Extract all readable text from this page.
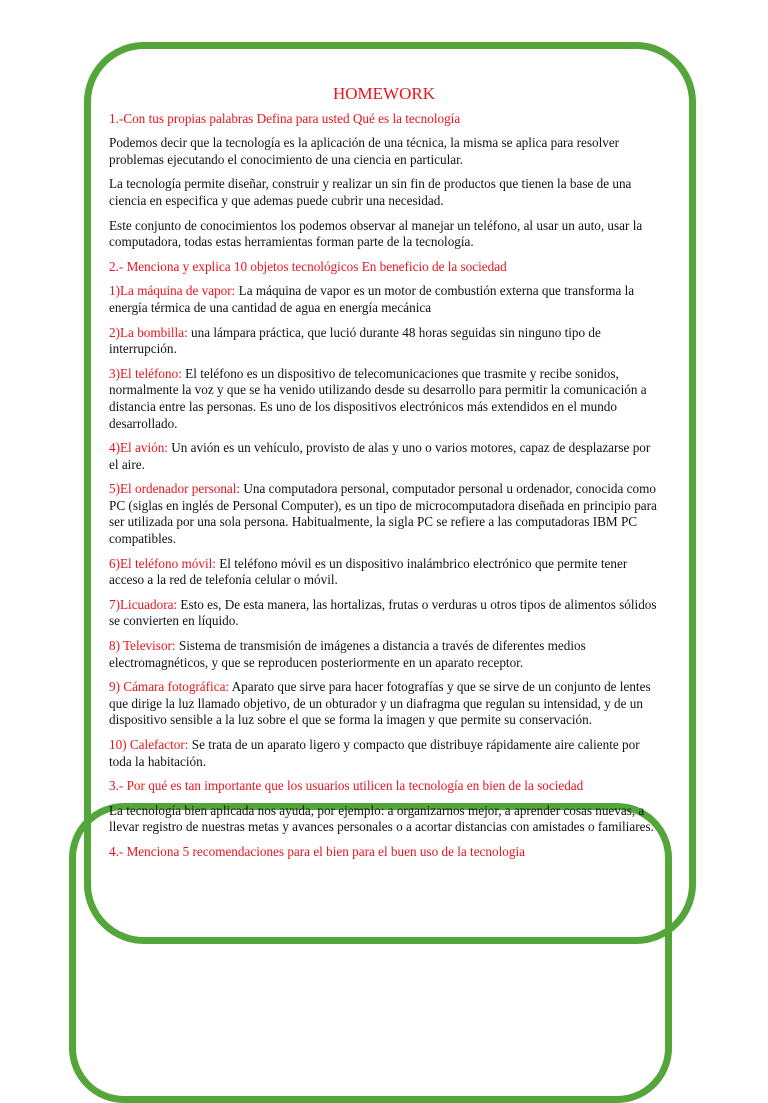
HOMEWORK

1.-Con tus propias palabras Defina para usted Qué es la tecnología

Podemos decir que la tecnología es la aplicación de una técnica, la misma se aplica para resolver problemas ejecutando el conocimiento de una ciencia en particular.

La tecnología permite diseñar, construir y realizar un sin fin de productos que tienen la base de una ciencia en especifica y que ademas puede cubrir una necesidad.

Este conjunto de conocimientos los podemos observar al manejar un teléfono, al usar un auto, usar la computadora, todas estas herramientas forman parte de la tecnología.

2.- Menciona y explica 10 objetos tecnológicos En beneficio de la sociedad

1)La máquina de vapor: La máquina de vapor es un motor de combustión externa que transforma la energía térmica de una cantidad de agua en energía mecánica

2)La bombilla: una lámpara práctica, que lució durante 48 horas seguidas sin ninguno tipo de interrupción.

3)El teléfono: El teléfono es un dispositivo de telecomunicaciones que trasmite y recibe sonidos, normalmente la voz y que se ha venido utilizando desde su desarrollo para permitir la comunicación a distancia entre las personas. Es uno de los dispositivos electrónicos más extendidos en el mundo desarrollado.

4)El avión: Un avión es un vehículo, provisto de alas y uno o varios motores, capaz de desplazarse por el aire.

5)El ordenador personal: Una computadora personal, computador personal u ordenador, conocida como PC (siglas en inglés de Personal Computer), es un tipo de microcomputadora diseñada en principio para ser utilizada por una sola persona. Habitualmente, la sigla PC se refiere a las computadoras IBM PC compatibles.

6)El teléfono móvil: El teléfono móvil es un dispositivo inalámbrico electrónico que permite tener acceso a la red de telefonía celular o móvil.

7)Licuadora: Esto es, De esta manera, las hortalizas, frutas o verduras u otros tipos de alimentos sólidos se convierten en líquido.

8) Televisor: Sistema de transmisión de imágenes a distancia a través de diferentes medios electromagnéticos, y que se reproducen posteriormente en un aparato receptor.

9) Cámara fotográfica: Aparato que sirve para hacer fotografías y que se sirve de un conjunto de lentes que dirige la luz llamado objetivo, de un obturador y un diafragma que regulan su intensidad, y de un dispositivo sensible a la luz sobre el que se forma la imagen y que permite su conservación.

10) Calefactor: Se trata de un aparato ligero y compacto que distribuye rápidamente aire caliente por toda la habitación.

3.- Por qué es tan importante que los usuarios utilicen la tecnología en bien de la sociedad

La tecnología bien aplicada nos ayuda, por ejemplo: a organizarnos mejor, a aprender cosas nuevas, a llevar registro de nuestras metas y avances personales o a acortar distancias con amistades o familiares.

4.- Menciona 5 recomendaciones para el bien para el buen uso de la tecnologia
